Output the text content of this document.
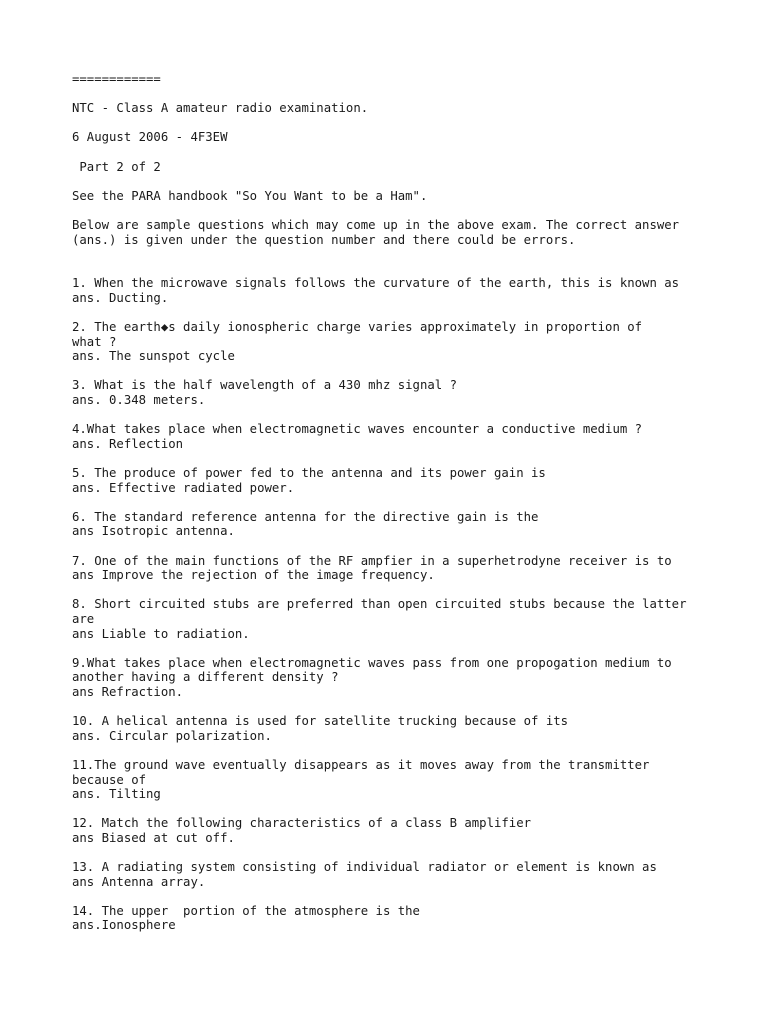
============
NTC - Class A amateur radio examination.
6 August 2006 - 4F3EW
Part 2 of 2
See the PARA handbook "So You Want to be a Ham".
Below are sample questions which may come up in the above exam. The correct answer
(ans.) is given under the question number and there could be errors.
1. When the microwave signals follows the curvature of the earth, this is known as
ans. Ducting.
2. The earth◆s daily ionospheric charge varies approximately in proportion of
what ?
ans. The sunspot cycle
3. What is the half wavelength of a 430 mhz signal ?
ans. 0.348 meters.
4.What takes place when electromagnetic waves encounter a conductive medium ?
ans. Reflection
5. The produce of power fed to the antenna and its power gain is
ans. Effective radiated power.
6. The standard reference antenna for the directive gain is the
ans Isotropic antenna.
7. One of the main functions of the RF ampfier in a superhetrodyne receiver is to
ans Improve the rejection of the image frequency.
8. Short circuited stubs are preferred than open circuited stubs because the latter
are
ans Liable to radiation.
9.What takes place when electromagnetic waves pass from one propogation medium to
another having a different density ?
ans Refraction.
10. A helical antenna is used for satellite trucking because of its
ans. Circular polarization.
11.The ground wave eventually disappears as it moves away from the transmitter
because of
ans. Tilting
12. Match the following characteristics of a class B amplifier
ans Biased at cut off.
13. A radiating system consisting of individual radiator or element is known as
ans Antenna array.
14. The upper  portion of the atmosphere is the
ans.Ionosphere
